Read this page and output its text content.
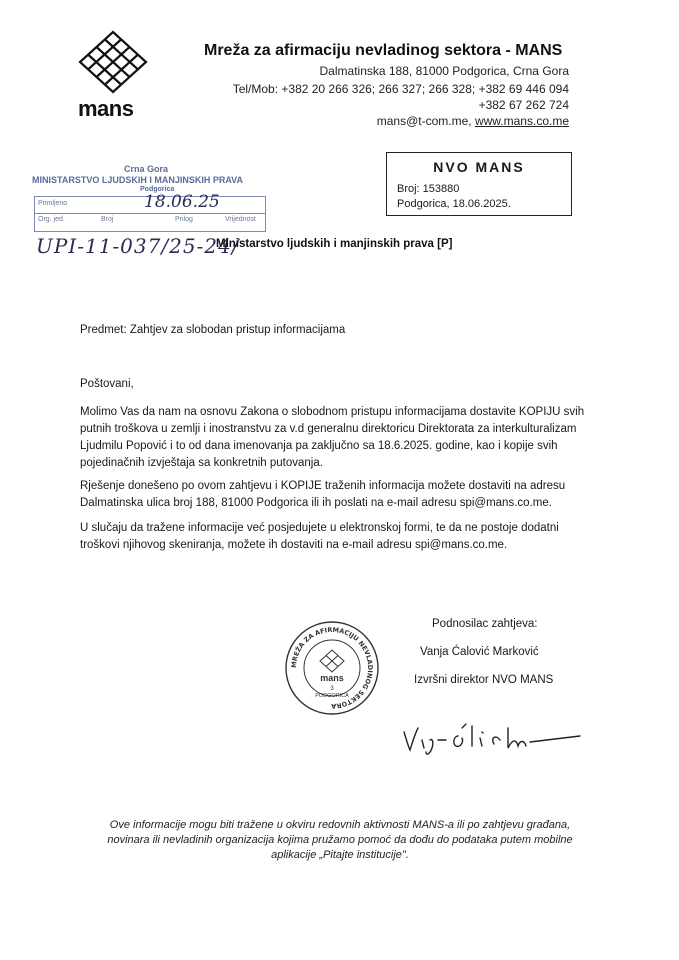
mans
Mreža za afirmaciju nevladinog sektora - MANS
Dalmatinska 188, 81000 Podgorica, Crna Gora
Tel/Mob: +382 20 266 326; 266 327; 266 328; +382 69 446 094
+382 67 262 724
mans@t-com.me, www.mans.co.me
NVO MANS
Broj: 153880
Podgorica, 18.06.2025.
Crna Gora
MINISTARSTVO LJUDSKIH I MANJINSKIH PRAVA
Podgorica
Primljeno
Org. jed.	Broj	Prilog	Vrijednost
18.06.25
UPI-11-037/25-24/
Ministarstvo ljudskih i manjinskih prava [P]
Predmet: Zahtjev za slobodan pristup informacijama
Poštovani,
Molimo Vas da nam na osnovu Zakona o slobodnom pristupu informacijama dostavite KOPIJU svih putnih troškova u zemlji i inostranstvu za v.d generalnu direktoricu Direktorata za interkulturalizam Ljudmilu Popović i to od dana imenovanja pa zaključno sa 18.6.2025. godine, kao i kopije svih pojedinačnih izvještaja sa konkretnih putovanja.
Rješenje donešeno po ovom zahtjevu i KOPIJE traženih informacija možete dostaviti na adresu Dalmatinska ulica broj 188, 81000 Podgorica ili ih poslati na e-mail adresu spi@mans.co.me.
U slučaju da tražene informacije već posjedujete u elektronskoj formi, te da ne postoje dodatni troškovi njihovog skeniranja, možete ih dostaviti na e-mail adresu spi@mans.co.me.
Podnosilac zahtjeva:
Vanja Ćalović Marković
Izvršni direktor NVO MANS
MREŽA ZA AFIRMACIJU NEVLADINOG SEKTORA
mans
3
PODGORICA
Ove informacije mogu biti tražene u okviru redovnih aktivnosti MANS-a ili po zahtjevu građana, novinara ili nevladinih organizacija kojima pružamo pomoć da dođu do podataka putem mobilne aplikacije „Pitajte institucije".
